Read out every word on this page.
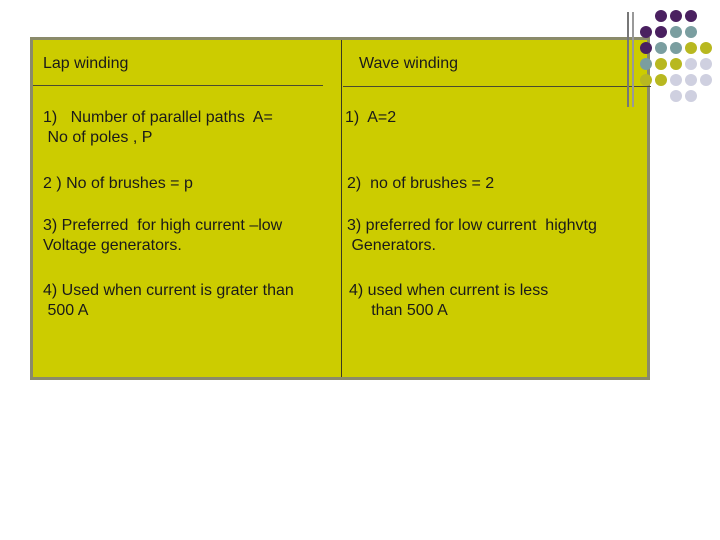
Lap winding	Wave winding
1)   Number of parallel paths  A=
No of poles , P
1)  A=2
2 ) No of brushes = p	2)  no of brushes = 2
3) Preferred  for high current –low
Voltage generators.
3) preferred for low current  highvtg
Generators.
4) Used when current is grater than
500 A
4) used when current is less
than 500 A
